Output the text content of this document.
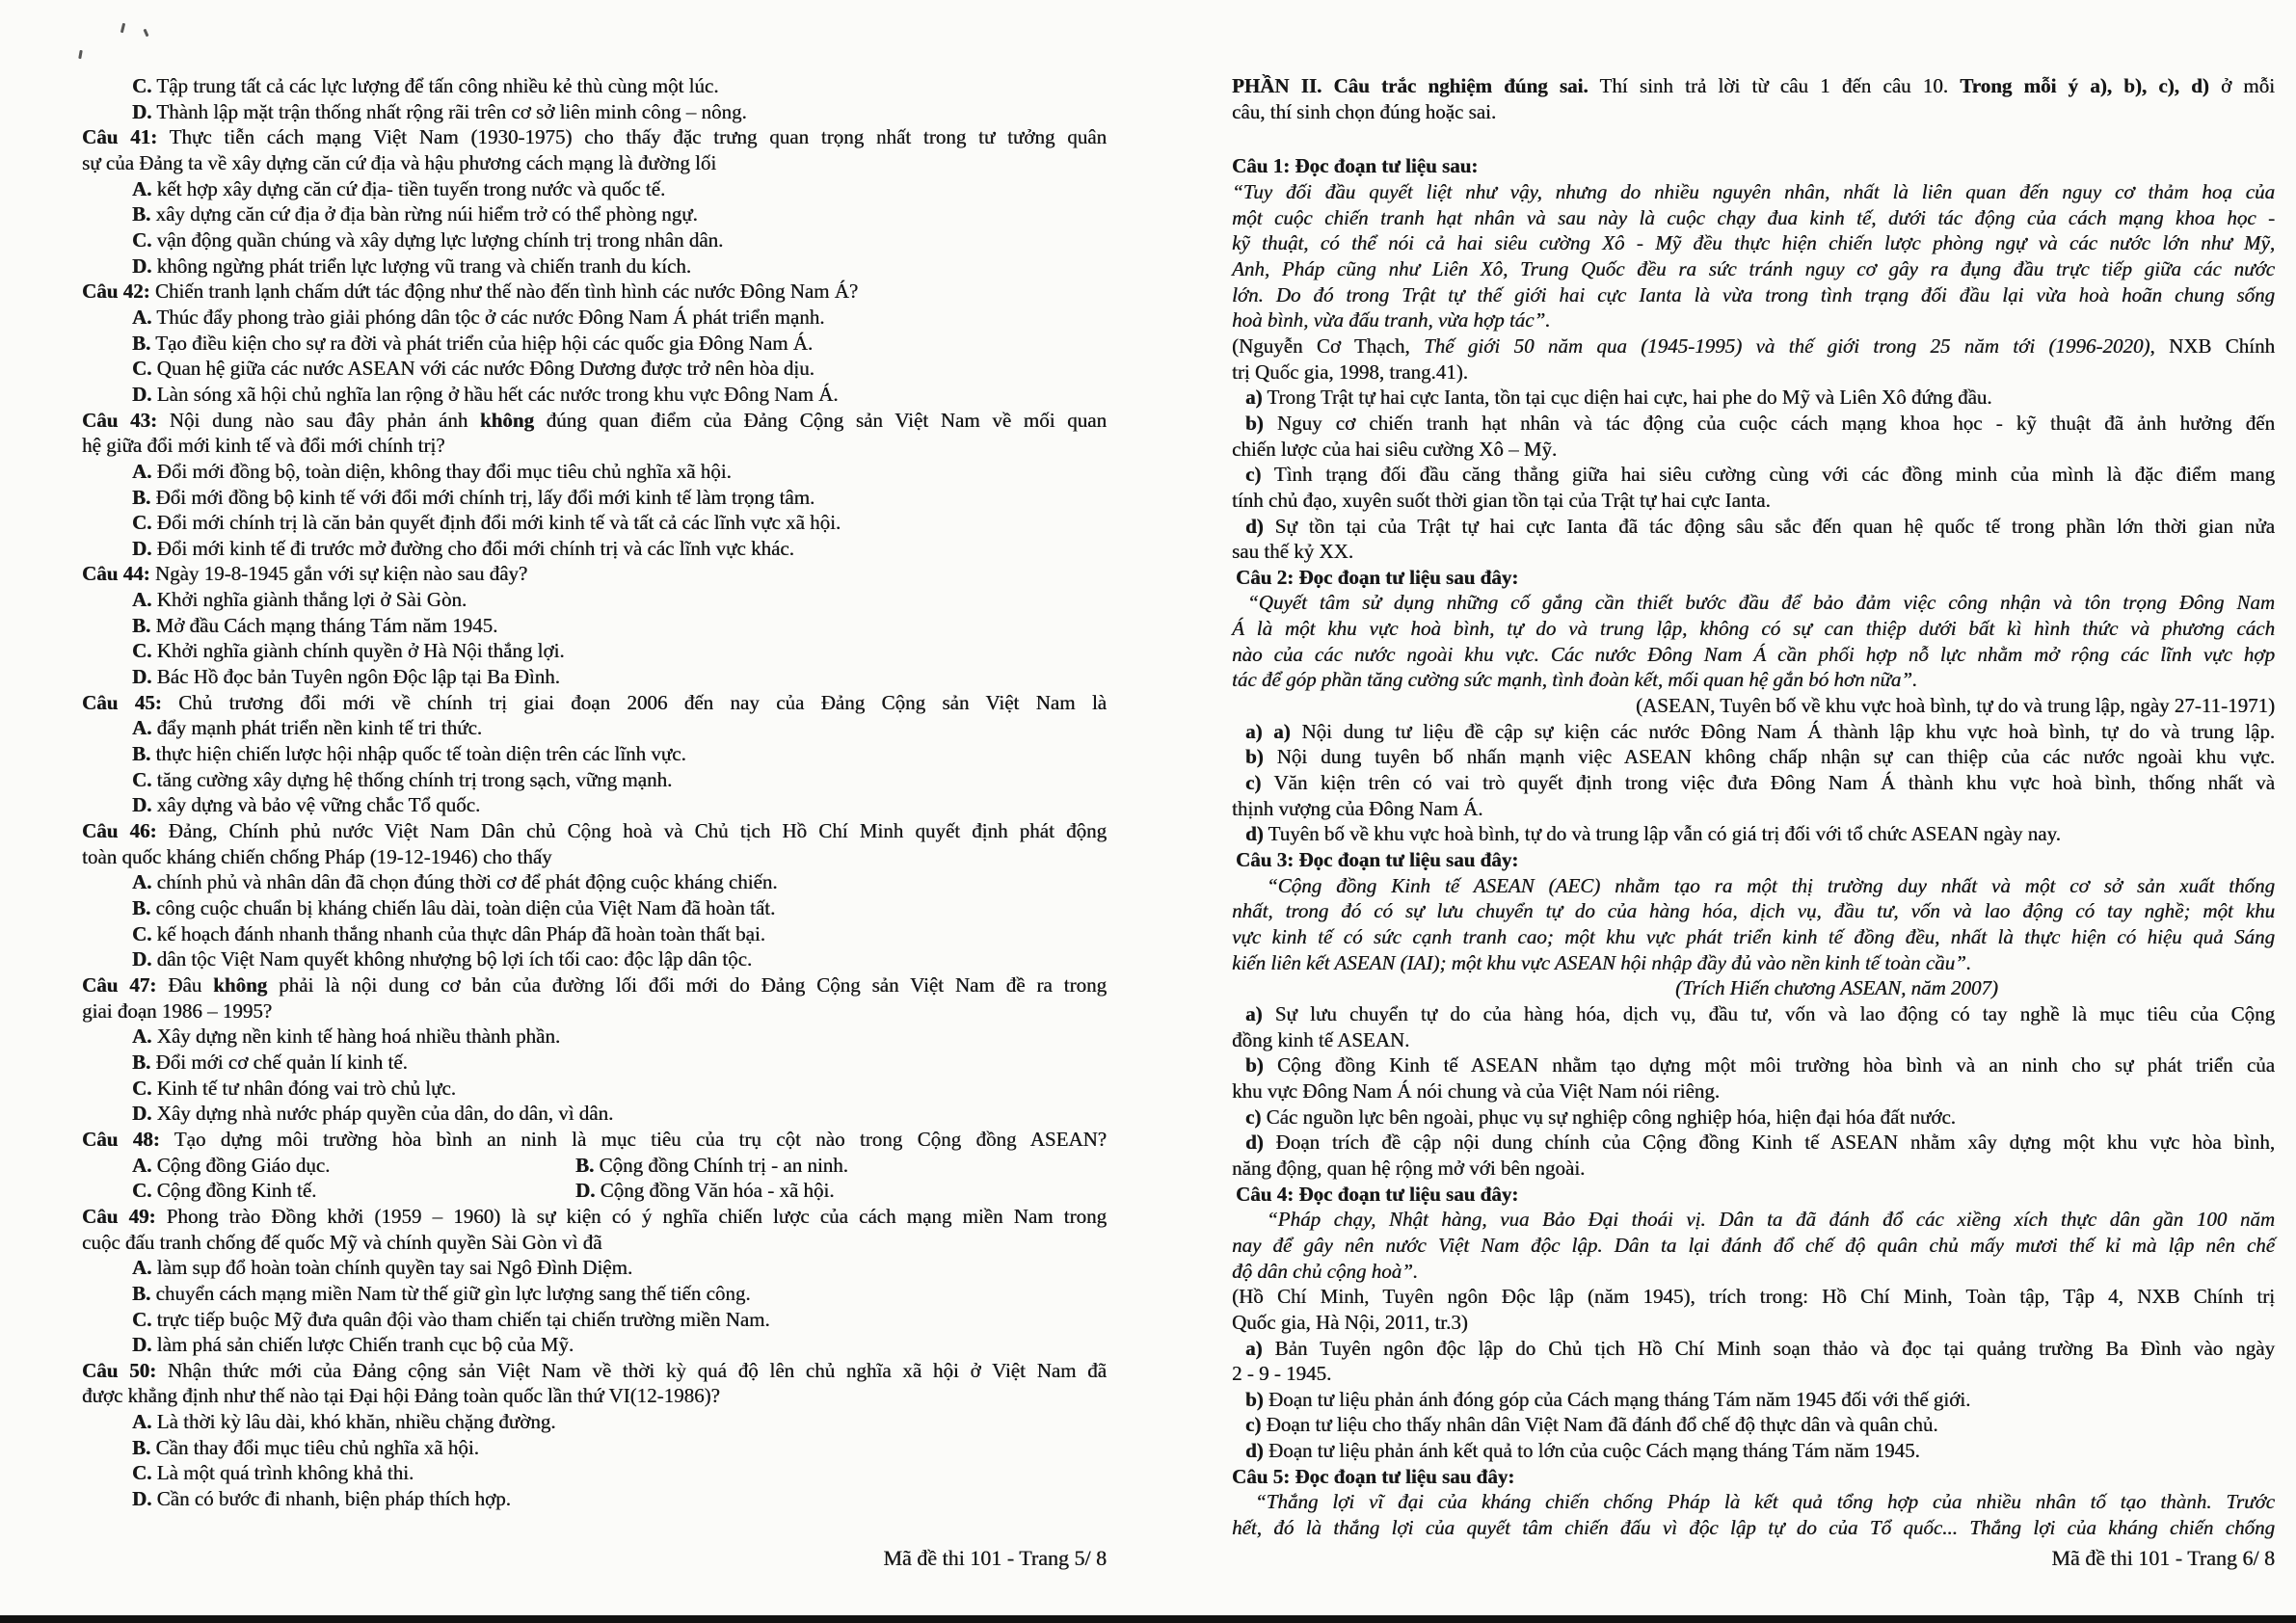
C. Tập trung tất cả các lực lượng để tấn công nhiều kẻ thù cùng một lúc.
D. Thành lập mặt trận thống nhất rộng rãi trên cơ sở liên minh công – nông.
Câu 41: Thực tiễn cách mạng Việt Nam (1930-1975) cho thấy đặc trưng quan trọng nhất trong tư tưởng quân
sự của Đảng ta về xây dựng căn cứ địa và hậu phương cách mạng là đường lối
A. kết hợp xây dựng căn cứ địa- tiền tuyến trong nước và quốc tế.
B. xây dựng căn cứ địa ở địa bàn rừng núi hiểm trở có thể phòng ngự.
C. vận động quần chúng và xây dựng lực lượng chính trị trong nhân dân.
D. không ngừng phát triển lực lượng vũ trang và chiến tranh du kích.
Câu 42: Chiến tranh lạnh chấm dứt tác động như thế nào đến tình hình các nước Đông Nam Á?
A. Thúc đẩy phong trào giải phóng dân tộc ở các nước Đông Nam Á phát triển mạnh.
B. Tạo điều kiện cho sự ra đời và phát triển của hiệp hội các quốc gia Đông Nam Á.
C. Quan hệ giữa các nước ASEAN với các nước Đông Dương được trở nên hòa dịu.
D. Làn sóng xã hội chủ nghĩa lan rộng ở hầu hết các nước trong khu vực Đông Nam Á.
Câu 43: Nội dung nào sau đây phản ánh không đúng quan điểm của Đảng Cộng sản Việt Nam về mối quan
hệ giữa đổi mới kinh tế và đổi mới chính trị?
A. Đổi mới đồng bộ, toàn diện, không thay đổi mục tiêu chủ nghĩa xã hội.
B. Đổi mới đồng bộ kinh tế với đổi mới chính trị, lấy đổi mới kinh tế làm trọng tâm.
C. Đổi mới chính trị là căn bản quyết định đổi mới kinh tế và tất cả các lĩnh vực xã hội.
D. Đổi mới kinh tế đi trước mở đường cho đổi mới chính trị và các lĩnh vực khác.
Câu 44: Ngày 19-8-1945 gắn với sự kiện nào sau đây?
A. Khởi nghĩa giành thắng lợi ở Sài Gòn.
B. Mở đầu Cách mạng tháng Tám năm 1945.
C. Khởi nghĩa giành chính quyền ở Hà Nội thắng lợi.
D. Bác Hồ đọc bản Tuyên ngôn Độc lập tại Ba Đình.
Câu 45: Chủ trương đổi mới về chính trị giai đoạn 2006 đến nay của Đảng Cộng sản Việt Nam là
A. đẩy mạnh phát triển nền kinh tế tri thức.
B. thực hiện chiến lược hội nhập quốc tế toàn diện trên các lĩnh vực.
C. tăng cường xây dựng hệ thống chính trị trong sạch, vững mạnh.
D. xây dựng và bảo vệ vững chắc Tổ quốc.
Câu 46: Đảng, Chính phủ nước Việt Nam Dân chủ Cộng hoà và Chủ tịch Hồ Chí Minh quyết định phát động
toàn quốc kháng chiến chống Pháp (19-12-1946) cho thấy
A. chính phủ và nhân dân đã chọn đúng thời cơ để phát động cuộc kháng chiến.
B. công cuộc chuẩn bị kháng chiến lâu dài, toàn diện của Việt Nam đã hoàn tất.
C. kế hoạch đánh nhanh thắng nhanh của thực dân Pháp đã hoàn toàn thất bại.
D. dân tộc Việt Nam quyết không nhượng bộ lợi ích tối cao: độc lập dân tộc.
Câu 47: Đâu không phải là nội dung cơ bản của đường lối đổi mới do Đảng Cộng sản Việt Nam đề ra trong
giai đoạn 1986 – 1995?
A. Xây dựng nền kinh tế hàng hoá nhiều thành phần.
B. Đổi mới cơ chế quản lí kinh tế.
C. Kinh tế tư nhân đóng vai trò chủ lực.
D. Xây dựng nhà nước pháp quyền của dân, do dân, vì dân.
Câu 48: Tạo dựng môi trường hòa bình an ninh là mục tiêu của trụ cột nào trong Cộng đồng ASEAN?
A. Cộng đồng Giáo dục.	B. Cộng đồng Chính trị - an ninh.
C. Cộng đồng Kinh tế.	D. Cộng đồng Văn hóa - xã hội.
Câu 49: Phong trào Đồng khởi (1959 – 1960) là sự kiện có ý nghĩa chiến lược của cách mạng miền Nam trong
cuộc đấu tranh chống đế quốc Mỹ và chính quyền Sài Gòn vì đã
A. làm sụp đổ hoàn toàn chính quyền tay sai Ngô Đình Diệm.
B. chuyển cách mạng miền Nam từ thế giữ gìn lực lượng sang thế tiến công.
C. trực tiếp buộc Mỹ đưa quân đội vào tham chiến tại chiến trường miền Nam.
D. làm phá sản chiến lược Chiến tranh cục bộ của Mỹ.
Câu 50: Nhận thức mới của Đảng cộng sản Việt Nam về thời kỳ quá độ lên chủ nghĩa xã hội ở Việt Nam đã
được khẳng định như thế nào tại Đại hội Đảng toàn quốc lần thứ VI(12-1986)?
A. Là thời kỳ lâu dài, khó khăn, nhiều chặng đường.
B. Cần thay đổi mục tiêu chủ nghĩa xã hội.
C. Là một quá trình không khả thi.
D. Cần có bước đi nhanh, biện pháp thích hợp.
PHẦN II. Câu trắc nghiệm đúng sai. Thí sinh trả lời từ câu 1 đến câu 10. Trong mỗi ý a), b), c), d) ở mỗi
câu, thí sinh chọn đúng hoặc sai.
Câu 1: Đọc đoạn tư liệu sau:
“Tuy đối đầu quyết liệt như vậy, nhưng do nhiều nguyên nhân, nhất là liên quan đến nguy cơ thảm hoạ của
một cuộc chiến tranh hạt nhân và sau này là cuộc chạy đua kinh tế, dưới tác động của cách mạng khoa học -
kỹ thuật, có thể nói cả hai siêu cường Xô - Mỹ đều thực hiện chiến lược phòng ngự và các nước lớn như Mỹ,
Anh, Pháp cũng như Liên Xô, Trung Quốc đều ra sức tránh nguy cơ gây ra đụng đầu trực tiếp giữa các nước
lớn. Do đó trong Trật tự thế giới hai cực Ianta là vừa trong tình trạng đối đầu lại vừa hoà hoãn chung sống
hoà bình, vừa đấu tranh, vừa hợp tác”.
(Nguyễn Cơ Thạch, Thế giới 50 năm qua (1945-1995) và thế giới trong 25 năm tới (1996-2020), NXB Chính
trị Quốc gia, 1998, trang.41).
a) Trong Trật tự hai cực Ianta, tồn tại cục diện hai cực, hai phe do Mỹ và Liên Xô đứng đầu.
b) Nguy cơ chiến tranh hạt nhân và tác động của cuộc cách mạng khoa học - kỹ thuật đã ảnh hưởng đến
chiến lược của hai siêu cường Xô – Mỹ.
c) Tình trạng đối đầu căng thẳng giữa hai siêu cường cùng với các đồng minh của mình là đặc điểm mang
tính chủ đạo, xuyên suốt thời gian tồn tại của Trật tự hai cực Ianta.
d) Sự tồn tại của Trật tự hai cực Ianta đã tác động sâu sắc đến quan hệ quốc tế trong phần lớn thời gian nửa
sau thế kỷ XX.
Câu 2: Đọc đoạn tư liệu sau đây:
“Quyết tâm sử dụng những cố gắng cần thiết bước đầu để bảo đảm việc công nhận và tôn trọng Đông Nam
Á là một khu vực hoà bình, tự do và trung lập, không có sự can thiệp dưới bất kì hình thức và phương cách
nào của các nước ngoài khu vực. Các nước Đông Nam Á cần phối hợp nỗ lực nhằm mở rộng các lĩnh vực hợp
tác để góp phần tăng cường sức mạnh, tình đoàn kết, mối quan hệ gắn bó hơn nữa”.
(ASEAN, Tuyên bố về khu vực hoà bình, tự do và trung lập, ngày 27-11-1971)
a) a) Nội dung tư liệu đề cập sự kiện các nước Đông Nam Á thành lập khu vực hoà bình, tự do và trung lập.
b) Nội dung tuyên bố nhấn mạnh việc ASEAN không chấp nhận sự can thiệp của các nước ngoài khu vực.
c) Văn kiện trên có vai trò quyết định trong việc đưa Đông Nam Á thành khu vực hoà bình, thống nhất và
thịnh vượng của Đông Nam Á.
d) Tuyên bố về khu vực hoà bình, tự do và trung lập vẫn có giá trị đối với tổ chức ASEAN ngày nay.
Câu 3: Đọc đoạn tư liệu sau đây:
“Cộng đồng Kinh tế ASEAN (AEC) nhằm tạo ra một thị trường duy nhất và một cơ sở sản xuất thống
nhất, trong đó có sự lưu chuyển tự do của hàng hóa, dịch vụ, đầu tư, vốn và lao động có tay nghề; một khu
vực kinh tế có sức cạnh tranh cao; một khu vực phát triển kinh tế đồng đều, nhất là thực hiện có hiệu quả Sáng
kiến liên kết ASEAN (IAI); một khu vực ASEAN hội nhập đầy đủ vào nền kinh tế toàn cầu”.
(Trích Hiến chương ASEAN, năm 2007)
a) Sự lưu chuyển tự do của hàng hóa, dịch vụ, đầu tư, vốn và lao động có tay nghề là mục tiêu của Cộng
đồng kinh tế ASEAN.
b) Cộng đồng Kinh tế ASEAN nhằm tạo dựng một môi trường hòa bình và an ninh cho sự phát triển của
khu vực Đông Nam Á nói chung và của Việt Nam nói riêng.
c) Các nguồn lực bên ngoài, phục vụ sự nghiệp công nghiệp hóa, hiện đại hóa đất nước.
d) Đoạn trích đề cập nội dung chính của Cộng đồng Kinh tế ASEAN nhằm xây dựng một khu vực hòa bình,
năng động, quan hệ rộng mở với bên ngoài.
Câu 4: Đọc đoạn tư liệu sau đây:
“Pháp chạy, Nhật hàng, vua Bảo Đại thoái vị. Dân ta đã đánh đổ các xiềng xích thực dân gần 100 năm
nay để gây nên nước Việt Nam độc lập. Dân ta lại đánh đổ chế độ quân chủ mấy mươi thế kỉ mà lập nên chế
độ dân chủ cộng hoà”.
(Hồ Chí Minh, Tuyên ngôn Độc lập (năm 1945), trích trong: Hồ Chí Minh, Toàn tập, Tập 4, NXB Chính trị
Quốc gia, Hà Nội, 2011, tr.3)
a) Bản Tuyên ngôn độc lập do Chủ tịch Hồ Chí Minh soạn thảo và đọc tại quảng trường Ba Đình vào ngày
2 - 9 - 1945.
b) Đoạn tư liệu phản ánh đóng góp của Cách mạng tháng Tám năm 1945 đối với thế giới.
c) Đoạn tư liệu cho thấy nhân dân Việt Nam đã đánh đổ chế độ thực dân và quân chủ.
d) Đoạn tư liệu phản ánh kết quả to lớn của cuộc Cách mạng tháng Tám năm 1945.
Câu 5: Đọc đoạn tư liệu sau đây:
“Thắng lợi vĩ đại của kháng chiến chống Pháp là kết quả tổng hợp của nhiều nhân tố tạo thành. Trước
hết, đó là thắng lợi của quyết tâm chiến đấu vì độc lập tự do của Tổ quốc... Thắng lợi của kháng chiến chống
Mã đề thi 101 - Trang 5/ 8	Mã đề thi 101 - Trang 6/ 8
